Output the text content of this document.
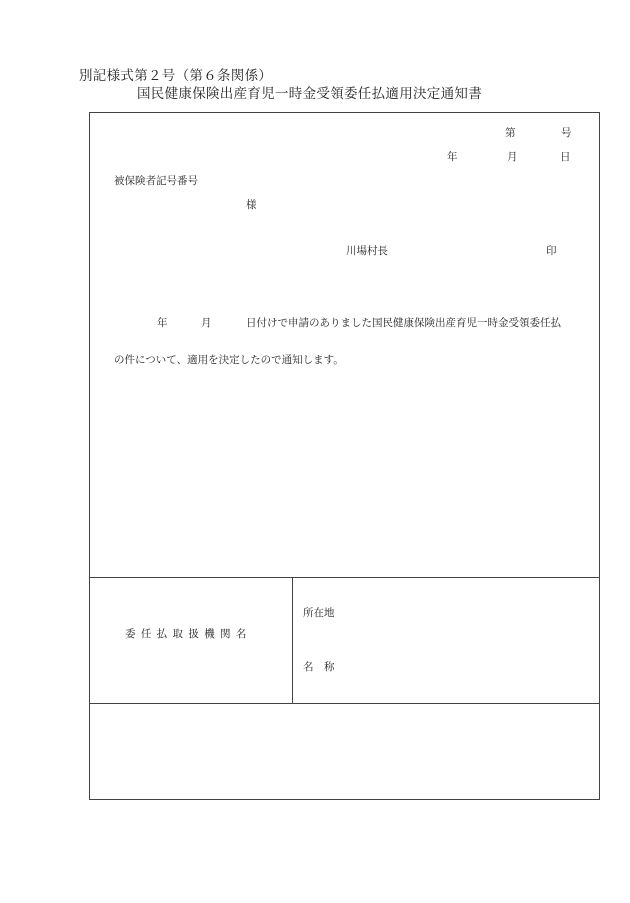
別記様式第２号（第６条関係）
国民健康保険出産育児一時金受領委任払適用決定通知書
第	号
年	月	日
被保険者記号番号
様
川場村長	印
年	月	日付けで申請のありました国民健康保険出産育児一時金受領委任払
の件について、適用を決定したので通知します。
委 任 払 取 扱 機 関 名
所在地
名　称
